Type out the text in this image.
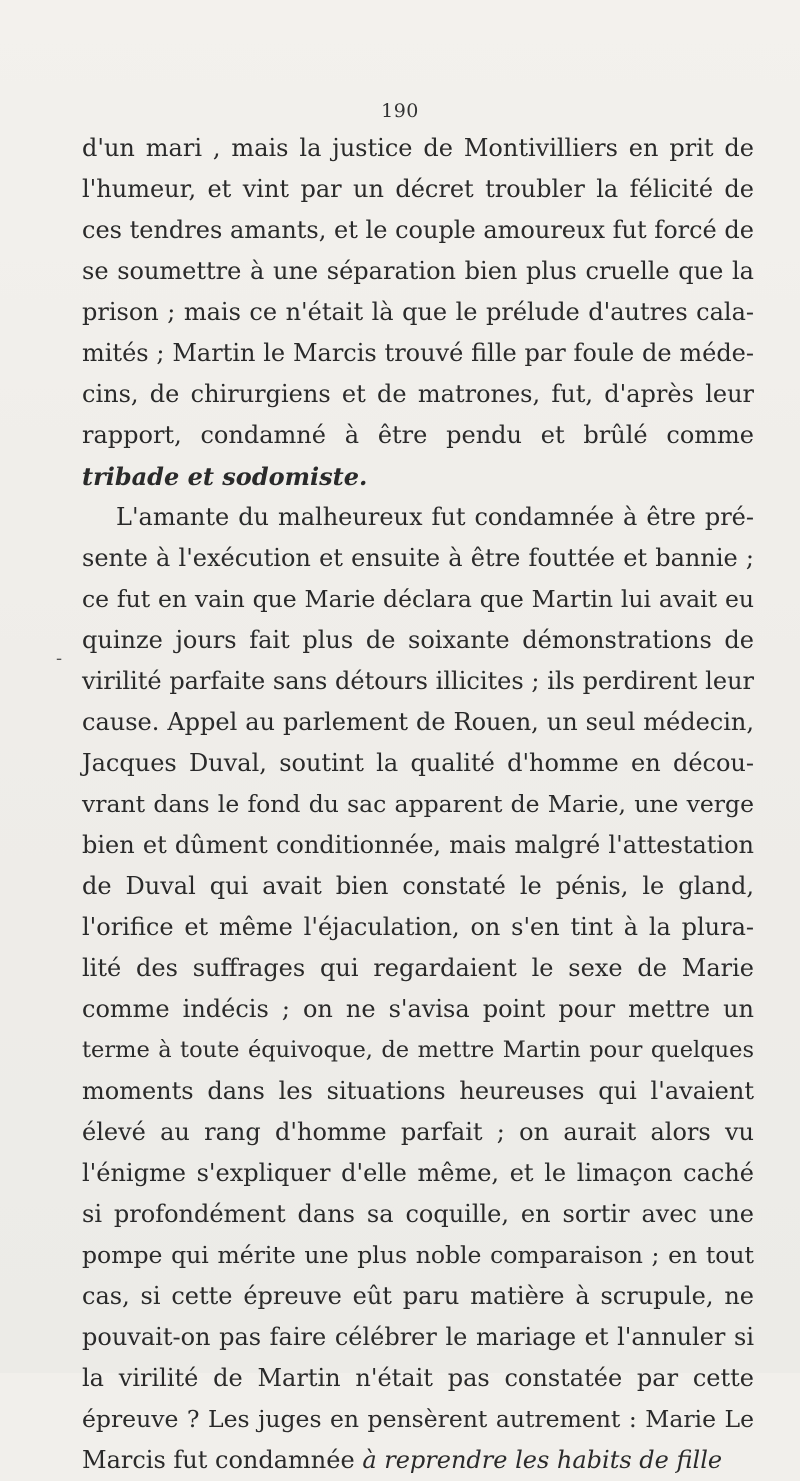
190
-
d'un mari , mais la justice de Montivilliers en prit de
l'humeur, et vint par un décret troubler la félicité de
ces tendres amants, et le couple amoureux fut forcé de
se soumettre à une séparation bien plus cruelle que la
prison ; mais ce n'était là que le prélude d'autres cala-
mités ; Martin le Marcis trouvé fille par foule de méde-
cins, de chirurgiens et de matrones, fut, d'après leur
rapport, condamné à être pendu et brûlé comme
tribade et sodomiste.
L'amante du malheureux fut condamnée à être pré-
sente à l'exécution et ensuite à être fouttée et bannie ;
ce fut en vain que Marie déclara que Martin lui avait eu
quinze jours fait plus de soixante démonstrations de
virilité parfaite sans détours illicites ; ils perdirent leur
cause. Appel au parlement de Rouen, un seul médecin,
Jacques Duval, soutint la qualité d'homme en décou-
vrant dans le fond du sac apparent de Marie, une verge
bien et dûment conditionnée, mais malgré l'attestation
de Duval qui avait bien constaté le pénis, le gland,
l'orifice et même l'éjaculation, on s'en tint à la plura-
lité des suffrages qui regardaient le sexe de Marie
comme indécis ; on ne s'avisa point pour mettre un
terme à toute équivoque, de mettre Martin pour quelques
moments dans les situations heureuses qui l'avaient
élevé au rang d'homme parfait ; on aurait alors vu
l'énigme s'expliquer d'elle même, et le limaçon caché
si profondément dans sa coquille, en sortir avec une
pompe qui mérite une plus noble comparaison ; en tout
cas, si cette épreuve eût paru matière à scrupule, ne
pouvait-on pas faire célébrer le mariage et l'annuler si
la virilité de Martin n'était pas constatée par cette
épreuve ? Les juges en pensèrent autrement : Marie Le
Marcis fut condamnée à reprendre les habits de fille
